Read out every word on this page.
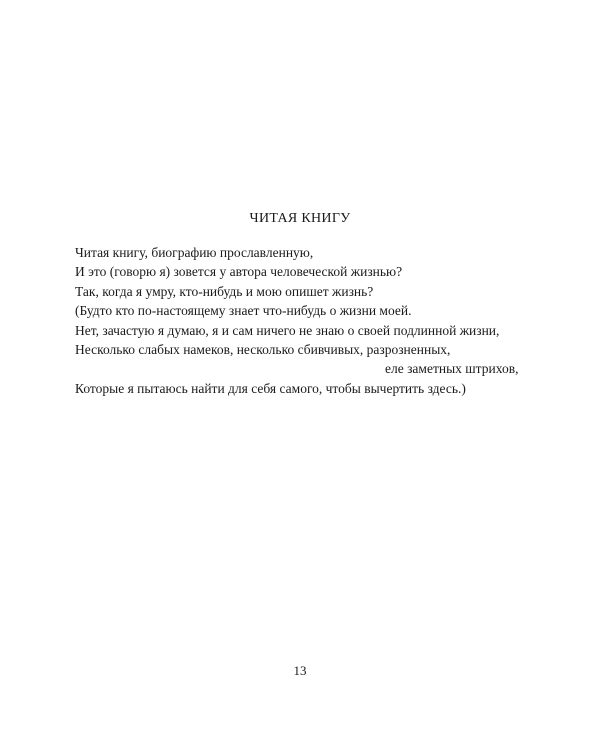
ЧИТАЯ КНИГУ
Читая книгу, биографию прославленную,
И это (говорю я) зовется у автора человеческой жизнью?
Так, когда я умру, кто-нибудь и мою опишет жизнь?
(Будто кто по-настоящему знает что-нибудь о жизни моей.
Нет, зачастую я думаю, я и сам ничего не знаю о своей подлинной жизни,
Несколько слабых намеков, несколько сбивчивых, разрозненных,
еле заметных штрихов,
Которые я пытаюсь найти для себя самого, чтобы вычертить здесь.)
13
